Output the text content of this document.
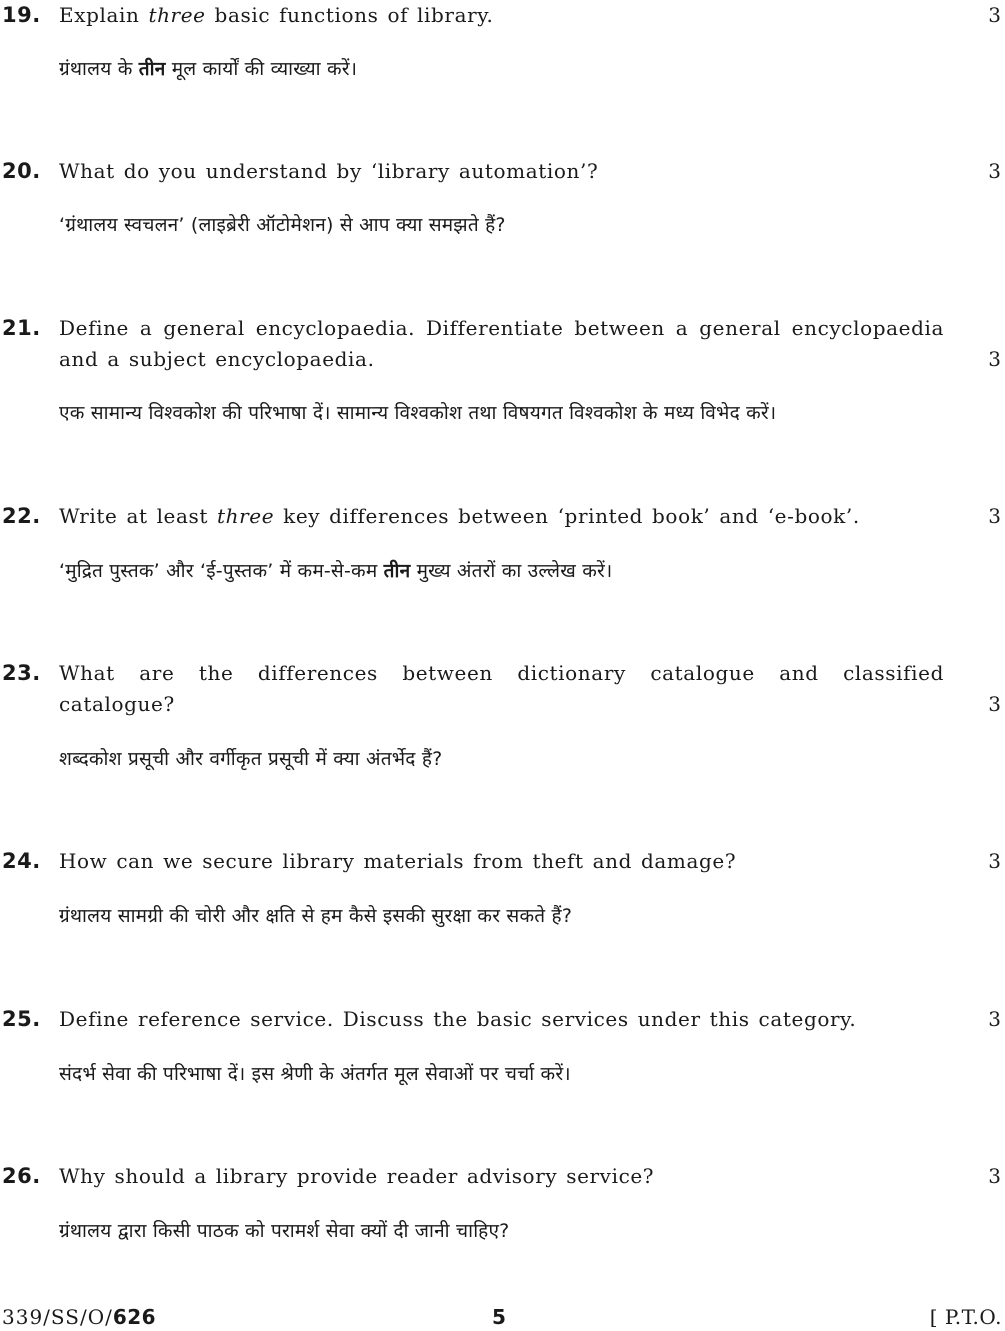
19. Explain three basic functions of library.	3
ग्रंथालय के तीन मूल कार्यों की व्याख्या करें।
20. What do you understand by ‘library automation’?	3
‘ग्रंथालय स्वचलन’ (लाइब्रेरी ऑटोमेशन) से आप क्या समझते हैं?
21. Define a general encyclopaedia. Differentiate between a general encyclopaedia
and a subject encyclopaedia.	3
एक सामान्य विश्वकोश की परिभाषा दें। सामान्य विश्वकोश तथा विषयगत विश्वकोश के मध्य विभेद करें।
22. Write at least three key differences between ‘printed book’ and ‘e-book’.	3
‘मुद्रित पुस्तक’ और ‘ई-पुस्तक’ में कम-से-कम तीन मुख्य अंतरों का उल्लेख करें।
23. What are the differences between dictionary catalogue and classified
catalogue?	3
शब्दकोश प्रसूची और वर्गीकृत प्रसूची में क्या अंतर्भेद हैं?
24. How can we secure library materials from theft and damage?	3
ग्रंथालय सामग्री की चोरी और क्षति से हम कैसे इसकी सुरक्षा कर सकते हैं?
25. Define reference service. Discuss the basic services under this category.	3
संदर्भ सेवा की परिभाषा दें। इस श्रेणी के अंतर्गत मूल सेवाओं पर चर्चा करें।
26. Why should a library provide reader advisory service?	3
ग्रंथालय द्वारा किसी पाठक को परामर्श सेवा क्यों दी जानी चाहिए?
339/SS/O/626	5	[ P.T.O.
